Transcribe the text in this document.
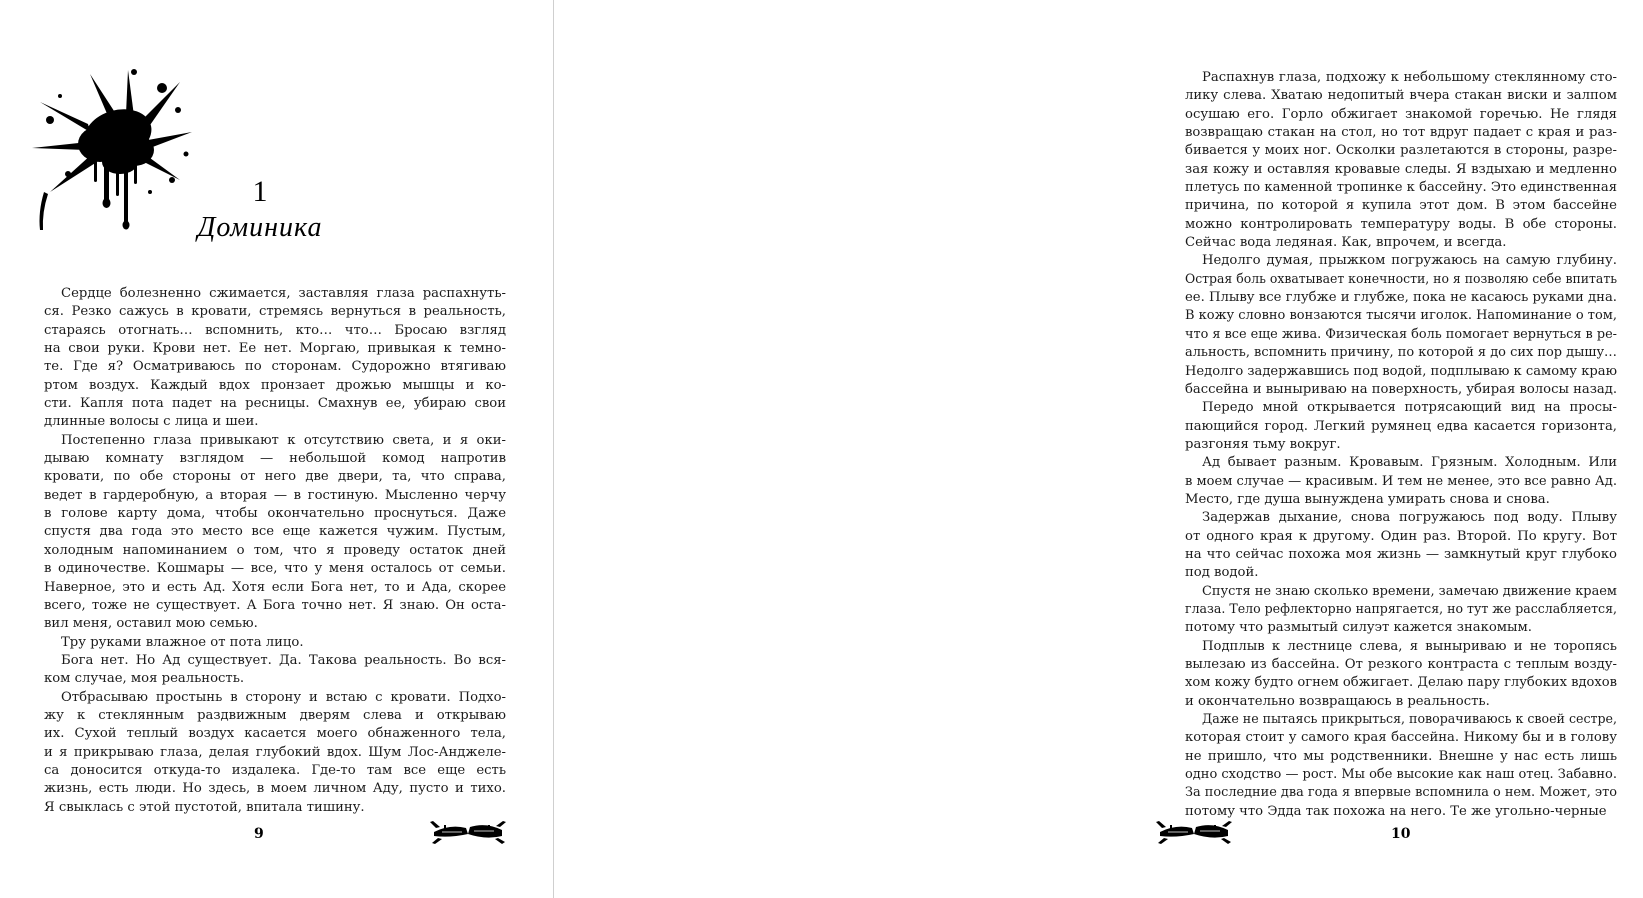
1
Доминика
Сердце болезненно сжимается, заставляя глаза распахнуть-
ся. Резко сажусь в кровати, стремясь вернуться в реальность,
стараясь отогнать… вспомнить, кто… что… Бросаю взгляд
на свои руки. Крови нет. Ее нет. Моргаю, привыкая к темно-
те. Где я? Осматриваюсь по сторонам. Судорожно втягиваю
ртом воздух. Каждый вдох пронзает дрожью мышцы и ко-
сти. Капля пота падет на ресницы. Смахнув ее, убираю свои
длинные волосы с лица и шеи.
Постепенно глаза привыкают к отсутствию света, и я оки-
дываю комнату взглядом — небольшой комод напротив
кровати, по обе стороны от него две двери, та, что справа,
ведет в гардеробную, а вторая — в гостиную. Мысленно черчу
в голове карту дома, чтобы окончательно проснуться. Даже
спустя два года это место все еще кажется чужим. Пустым,
холодным напоминанием о том, что я проведу остаток дней
в одиночестве. Кошмары — все, что у меня осталось от семьи.
Наверное, это и есть Ад. Хотя если Бога нет, то и Ада, скорее
всего, тоже не существует. А Бога точно нет. Я знаю. Он оста-
вил меня, оставил мою семью.
Тру руками влажное от пота лицо.
Бога нет. Но Ад существует. Да. Такова реальность. Во вся-
ком случае, моя реальность.
Отбрасываю простынь в сторону и встаю с кровати. Подхо-
жу к стеклянным раздвижным дверям слева и открываю
их. Сухой теплый воздух касается моего обнаженного тела,
и я прикрываю глаза, делая глубокий вдох. Шум Лос-Анджеле-
са доносится откуда-то издалека. Где-то там все еще есть
жизнь, есть люди. Но здесь, в моем личном Аду, пусто и тихо.
Я свыклась с этой пустотой, впитала тишину.
9
Распахнув глаза, подхожу к небольшому стеклянному сто-
лику слева. Хватаю недопитый вчера стакан виски и залпом
осушаю его. Горло обжигает знакомой горечью. Не глядя
возвращаю стакан на стол, но тот вдруг падает с края и раз-
бивается у моих ног. Осколки разлетаются в стороны, разре-
зая кожу и оставляя кровавые следы. Я вздыхаю и медленно
плетусь по каменной тропинке к бассейну. Это единственная
причина, по которой я купила этот дом. В этом бассейне
можно контролировать температуру воды. В обе стороны.
Сейчас вода ледяная. Как, впрочем, и всегда.
Недолго думая, прыжком погружаюсь на самую глубину.
Острая боль охватывает конечности, но я позволяю себе впитать
ее. Плыву все глубже и глубже, пока не касаюсь руками дна.
В кожу словно вонзаются тысячи иголок. Напоминание о том,
что я все еще жива. Физическая боль помогает вернуться в ре-
альность, вспомнить причину, по которой я до сих пор дышу…
Недолго задержавшись под водой, подплываю к самому краю
бассейна и выныриваю на поверхность, убирая волосы назад.
Передо мной открывается потрясающий вид на просы-
пающийся город. Легкий румянец едва касается горизонта,
разгоняя тьму вокруг.
Ад бывает разным. Кровавым. Грязным. Холодным. Или
в моем случае — красивым. И тем не менее, это все равно Ад.
Место, где душа вынуждена умирать снова и снова.
Задержав дыхание, снова погружаюсь под воду. Плыву
от одного края к другому. Один раз. Второй. По кругу. Вот
на что сейчас похожа моя жизнь — замкнутый круг глубоко
под водой.
Спустя не знаю сколько времени, замечаю движение краем
глаза. Тело рефлекторно напрягается, но тут же расслабляется,
потому что размытый силуэт кажется знакомым.
Подплыв к лестнице слева, я выныриваю и не торопясь
вылезаю из бассейна. От резкого контраста с теплым возду-
хом кожу будто огнем обжигает. Делаю пару глубоких вдохов
и окончательно возвращаюсь в реальность.
Даже не пытаясь прикрыться, поворачиваюсь к своей сестре,
которая стоит у самого края бассейна. Никому бы и в голову
не пришло, что мы родственники. Внешне у нас есть лишь
одно сходство — рост. Мы обе высокие как наш отец. Забавно.
За последние два года я впервые вспомнила о нем. Может, это
потому что Эдда так похожа на него. Те же угольно-черные
10
